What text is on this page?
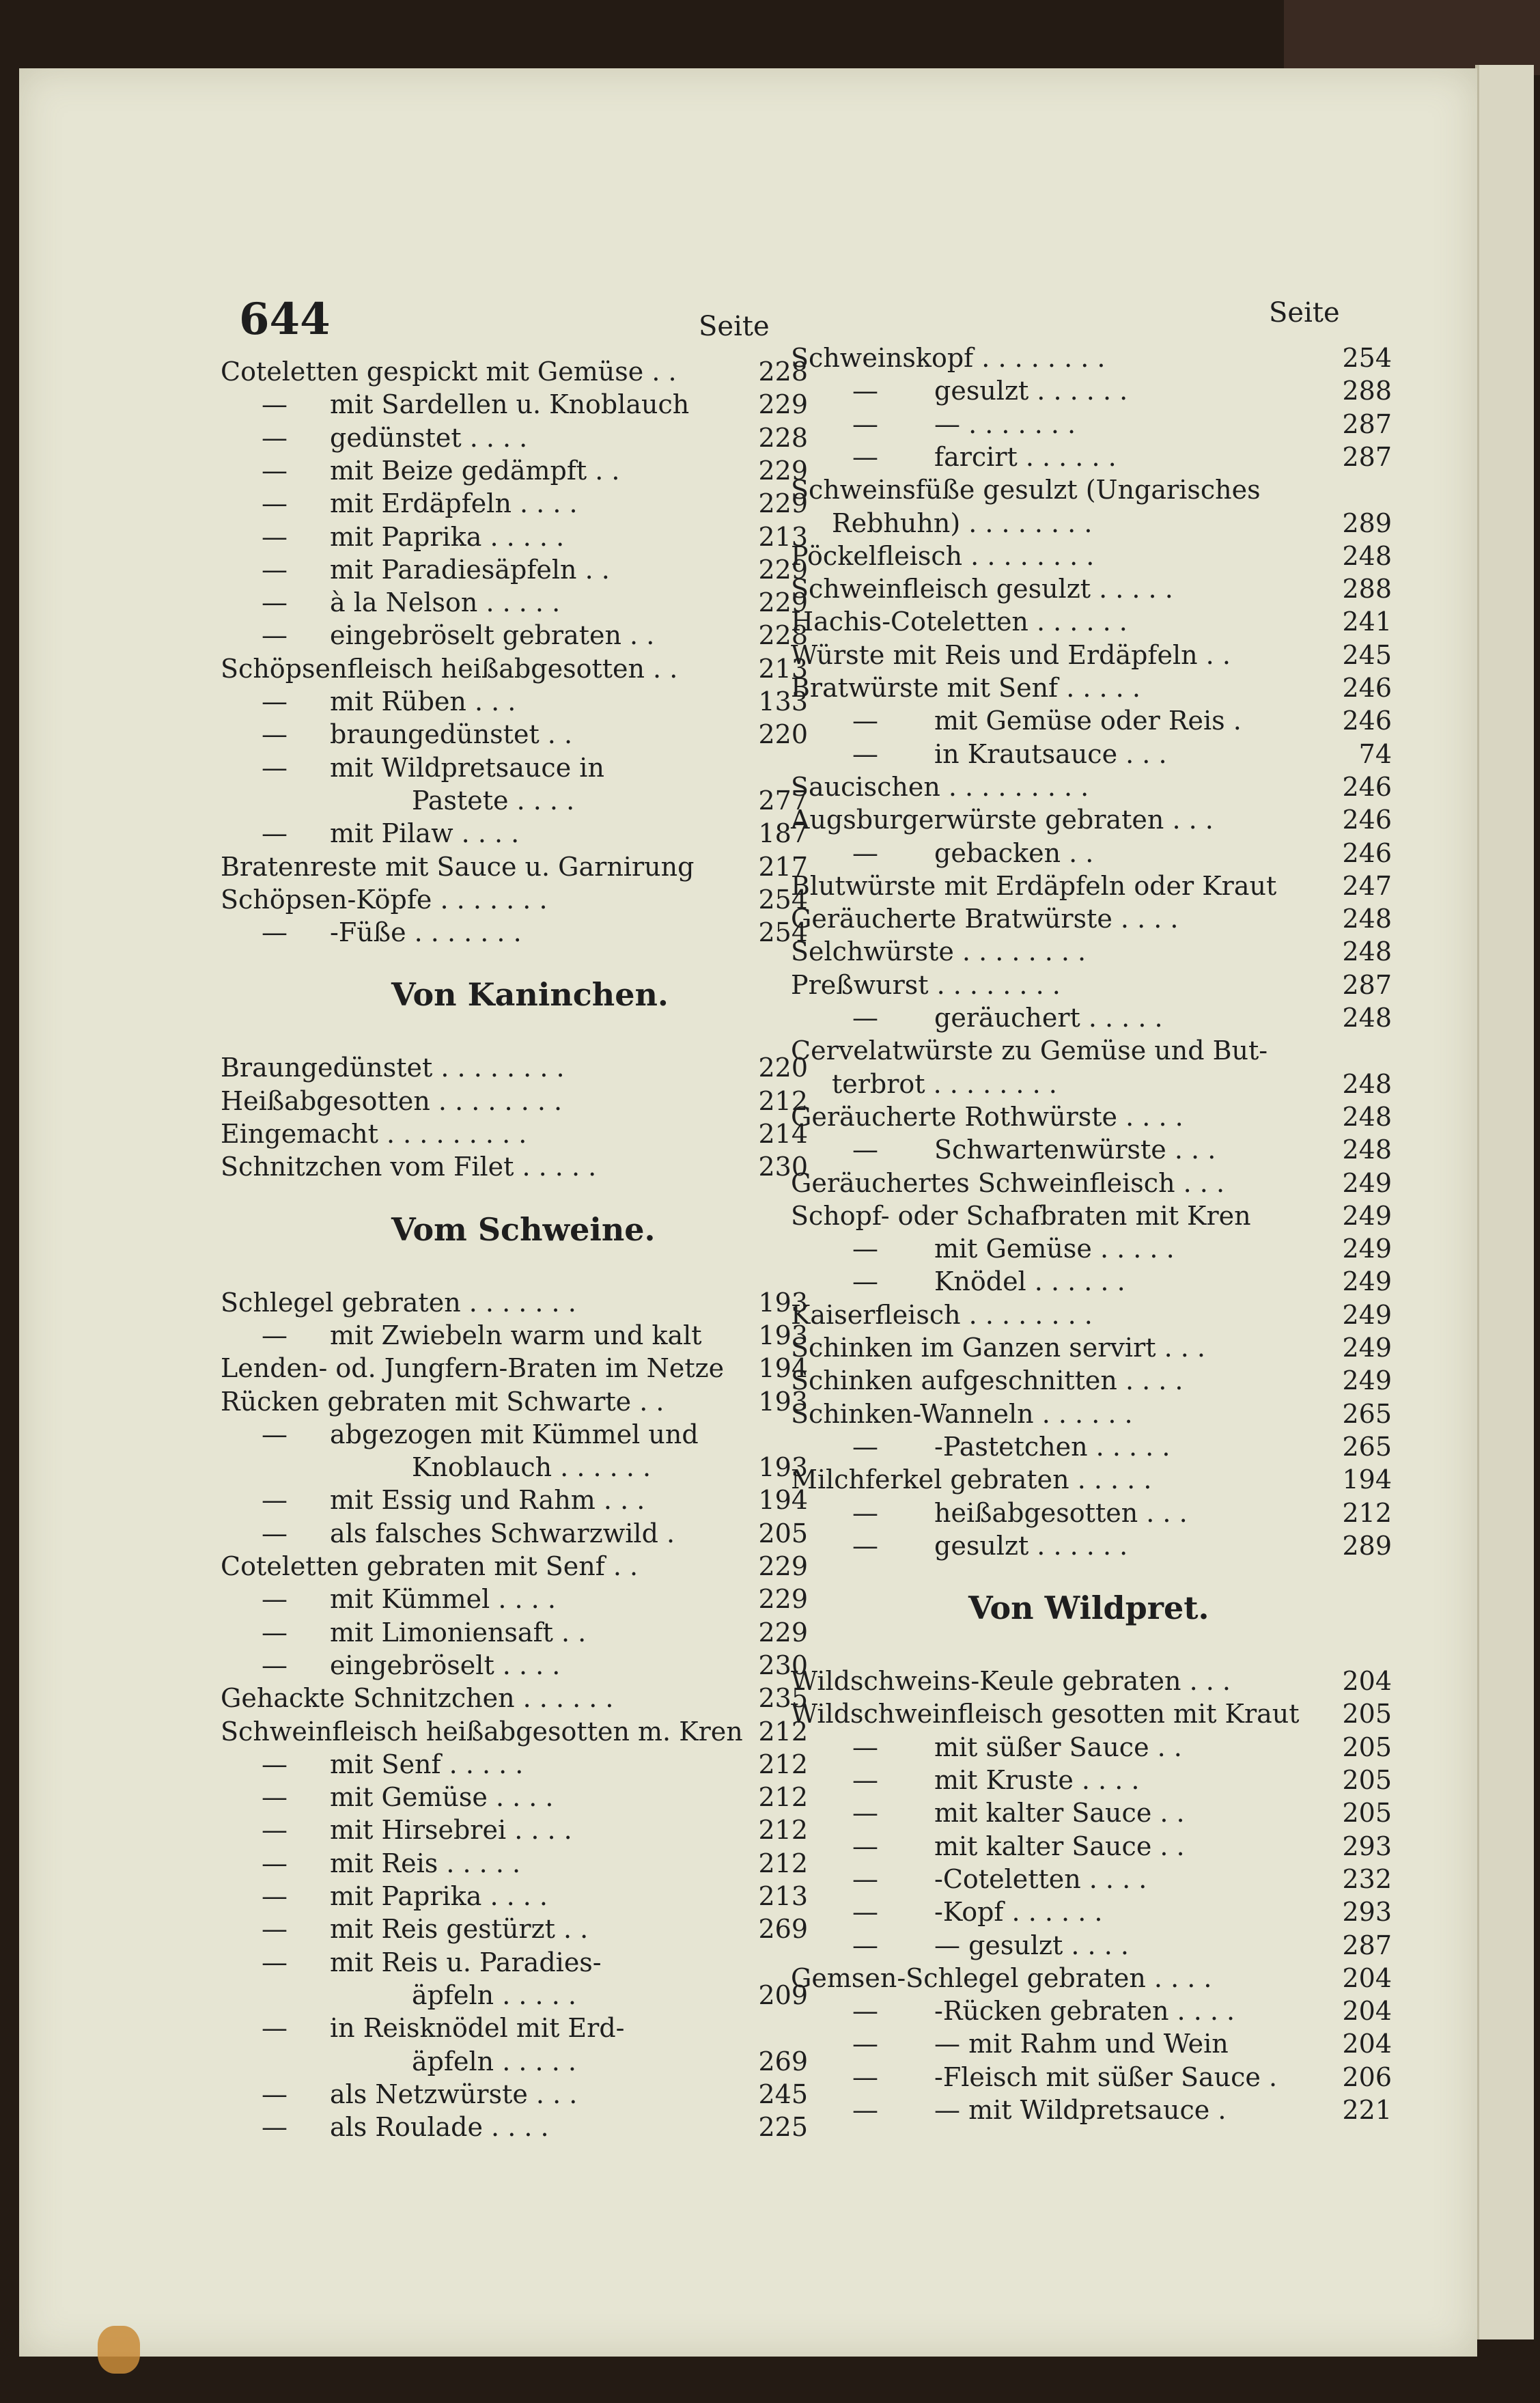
644	Seite	Seite
Coteletten gespickt mit Gemüse . .	228
— mit Sardellen u. Knoblauch	229
— gedünstet . . . .	228
— mit Beize gedämpft . .	229
— mit Erdäpfeln . . . .	229
— mit Paprika . . . . .	213
— mit Paradiesäpfeln . .	229
— à la Nelson . . . . .	229
— eingebröselt gebraten . .	228
Schöpsenfleisch heißabgesotten . .	213
— mit Rüben . . .	133
— braungedünstet . .	220
— mit Wildpretsauce in
Pastete . . . .	277
— mit Pilaw . . . .	187
Bratenreste mit Sauce u. Garnirung 217
Schöpsen-Köpfe . . . . . . .	254
— -Füße . . . . . . .	254
Von Kaninchen.
Braungedünstet . . . . . . . .	220
Heißabgesotten . . . . . . . .	212
Eingemacht . . . . . . . . .	214
Schnitzchen vom Filet . . . . .	230
Vom Schweine.
Schlegel gebraten . . . . . . .	193
— mit Zwiebeln warm und kalt 193
Lenden- od. Jungfern-Braten im Netze 194
Rücken gebraten mit Schwarte . .	193
— abgezogen mit Kümmel und
Knoblauch . . . . . .	193
— mit Essig und Rahm . . .	194
— als falsches Schwarzwild .	205
Coteletten gebraten mit Senf . .	229
— mit Kümmel . . . .	229
— mit Limoniensaft . .	229
— eingebröselt . . . .	230
Gehackte Schnitzchen . . . . . .	235
Schweinfleisch heißabgesotten m. Kren 212
— mit Senf . . . . .	212
— mit Gemüse . . . .	212
— mit Hirsebrei . . . .	212
— mit Reis . . . . .	212
— mit Paprika . . . .	213
— mit Reis gestürzt . .	269
— mit Reis u. Paradies-
äpfeln . . . . .	209
— in Reisknödel mit Erd-
äpfeln . . . . .	269
— als Netzwürste . . .	245
— als Roulade . . . .	225
Schweinskopf . . . . . . . .	254
— gesulzt . . . . . .	288
— — . . . . . . .	287
— farcirt . . . . . .	287
Schweinsfüße gesulzt (Ungarisches
Rebhuhn) . . . . . . . .	289
Pöckelfleisch . . . . . . . .	248
Schweinfleisch gesulzt . . . . .	288
Hachis-Coteletten . . . . . .	241
Würste mit Reis und Erdäpfeln . .	245
Bratwürste mit Senf . . . . .	246
— mit Gemüse oder Reis .	246
— in Krautsauce . . .	74
Saucischen . . . . . . . . .	246
Augsburgerwürste gebraten . . .	246
— gebacken . .	246
Blutwürste mit Erdäpfeln oder Kraut	247
Geräucherte Bratwürste . . . .	248
Selchwürste . . . . . . . .	248
Preßwurst . . . . . . . .	287
— geräuchert . . . . .	248
Cervelatwürste zu Gemüse und But-
terbrot . . . . . . . .	248
Geräucherte Rothwürste . . . .	248
— Schwartenwürste . . .	248
Geräuchertes Schweinfleisch . . .	249
Schopf- oder Schafbraten mit Kren	249
— mit Gemüse . . . . .	249
— Knödel . . . . . .	249
Kaiserfleisch . . . . . . . .	249
Schinken im Ganzen servirt . . .	249
Schinken aufgeschnitten . . . .	249
Schinken-Wanneln . . . . . .	265
— -Pastetchen . . . . .	265
Milchferkel gebraten . . . . .	194
— heißabgesotten . . .	212
— gesulzt . . . . . .	289
Von Wildpret.
Wildschweins-Keule gebraten . . .	204
Wildschweinfleisch gesotten mit Kraut 205
— mit süßer Sauce . .	205
— mit Kruste . . . .	205
— mit kalter Sauce . .	205
— mit kalter Sauce . .	293
— -Coteletten . . . .	232
— -Kopf . . . . . .	293
— — gesulzt . . . .	287
Gemsen-Schlegel gebraten . . . .	204
— -Rücken gebraten . . . .	204
— — mit Rahm und Wein	204
— -Fleisch mit süßer Sauce .	206
— — mit Wildpretsauce .	221
